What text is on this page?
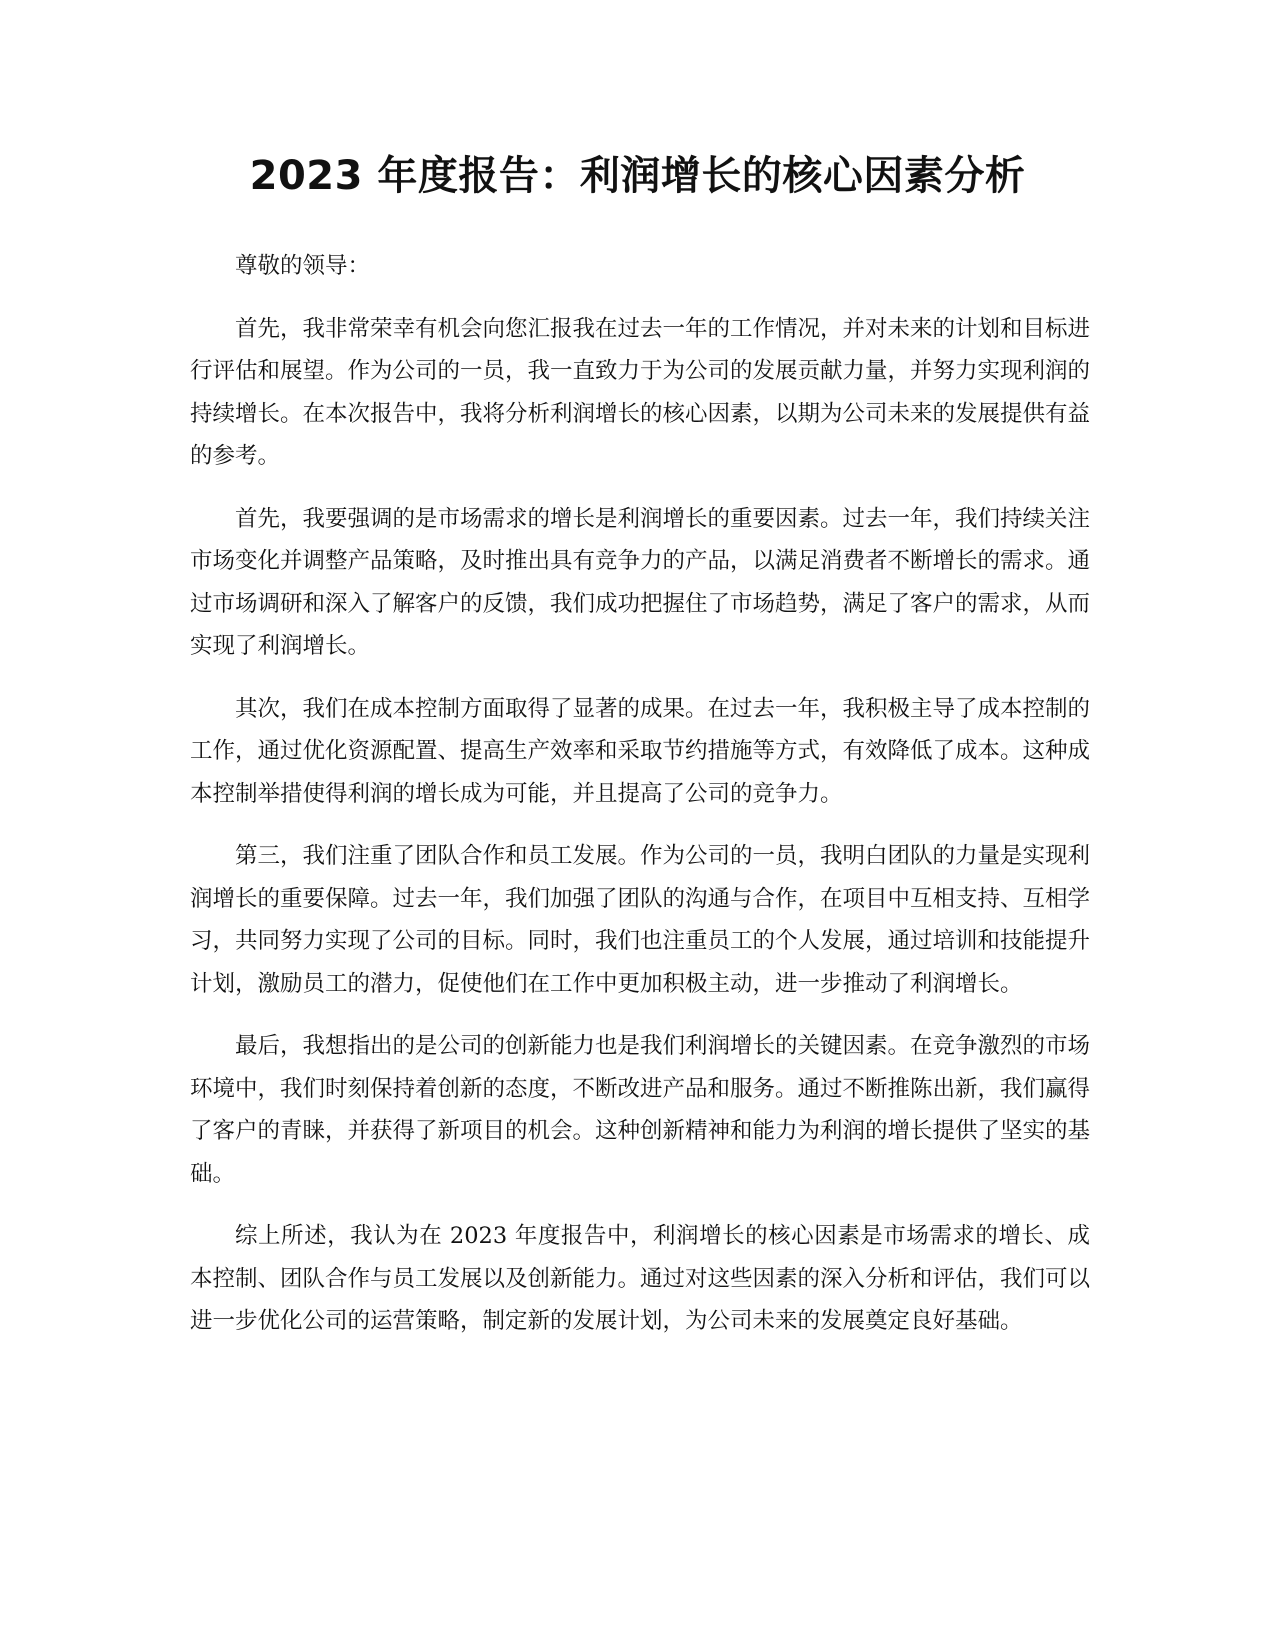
2023 年度报告：利润增长的核心因素分析

尊敬的领导：

首先，我非常荣幸有机会向您汇报我在过去一年的工作情况，并对未来的计划和目标进行评估和展望。作为公司的一员，我一直致力于为公司的发展贡献力量，并努力实现利润的持续增长。在本次报告中，我将分析利润增长的核心因素，以期为公司未来的发展提供有益的参考。

首先，我要强调的是市场需求的增长是利润增长的重要因素。过去一年，我们持续关注市场变化并调整产品策略，及时推出具有竞争力的产品，以满足消费者不断增长的需求。通过市场调研和深入了解客户的反馈，我们成功把握住了市场趋势，满足了客户的需求，从而实现了利润增长。

其次，我们在成本控制方面取得了显著的成果。在过去一年，我积极主导了成本控制的工作，通过优化资源配置、提高生产效率和采取节约措施等方式，有效降低了成本。这种成本控制举措使得利润的增长成为可能，并且提高了公司的竞争力。

第三，我们注重了团队合作和员工发展。作为公司的一员，我明白团队的力量是实现利润增长的重要保障。过去一年，我们加强了团队的沟通与合作，在项目中互相支持、互相学习，共同努力实现了公司的目标。同时，我们也注重员工的个人发展，通过培训和技能提升计划，激励员工的潜力，促使他们在工作中更加积极主动，进一步推动了利润增长。

最后，我想指出的是公司的创新能力也是我们利润增长的关键因素。在竞争激烈的市场环境中，我们时刻保持着创新的态度，不断改进产品和服务。通过不断推陈出新，我们赢得了客户的青睐，并获得了新项目的机会。这种创新精神和能力为利润的增长提供了坚实的基础。

综上所述，我认为在 2023 年度报告中，利润增长的核心因素是市场需求的增长、成本控制、团队合作与员工发展以及创新能力。通过对这些因素的深入分析和评估，我们可以进一步优化公司的运营策略，制定新的发展计划，为公司未来的发展奠定良好基础。
